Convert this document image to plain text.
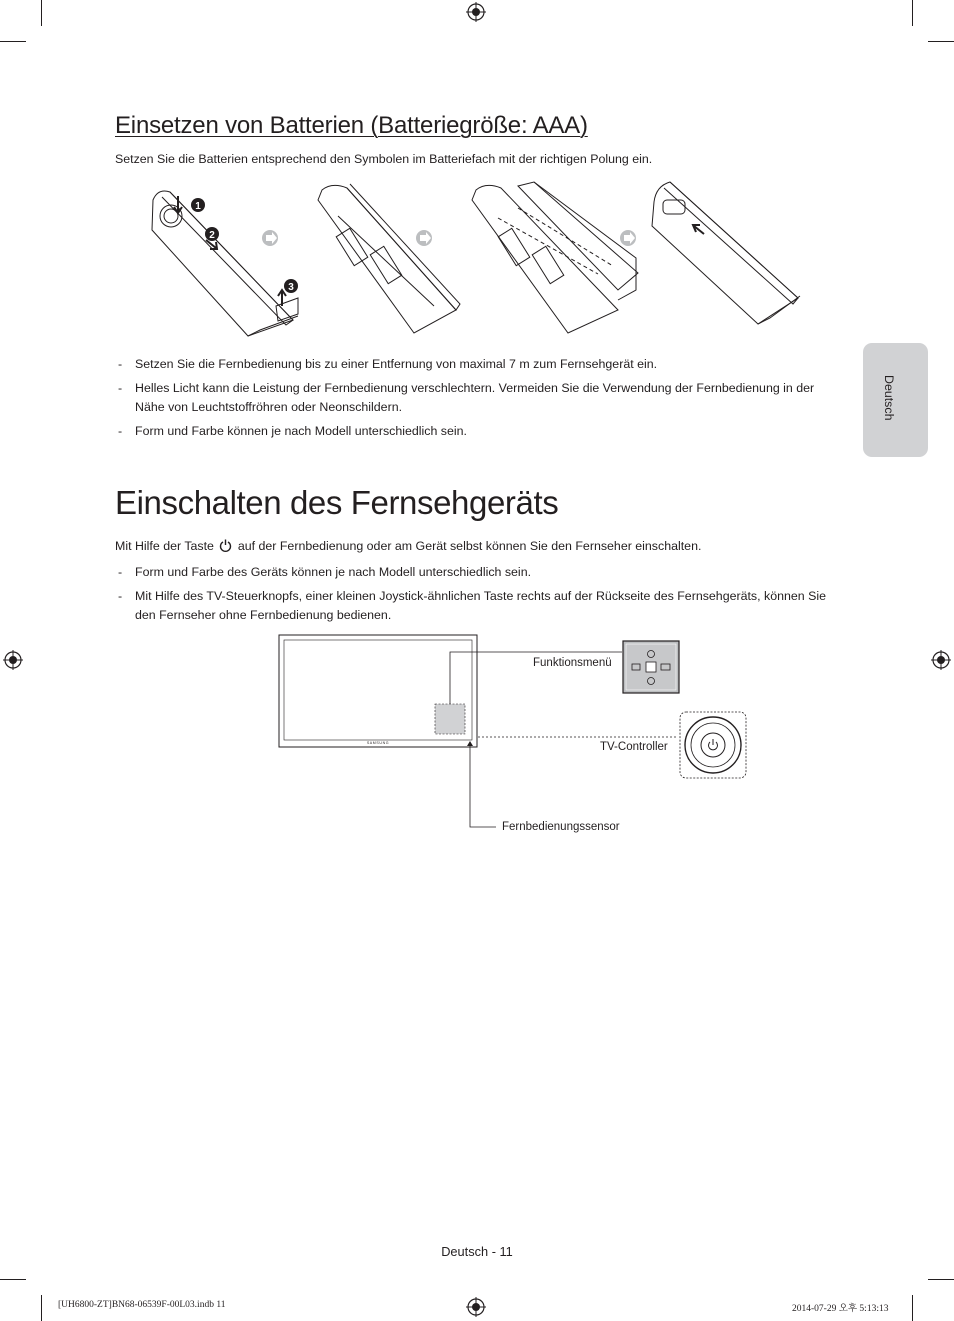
Deutsch
Einsetzen von Batterien (Batteriegröße: AAA)

Setzen Sie die Batterien entsprechend den Symbolen im Batteriefach mit der richtigen Polung ein.

1
2
3
- Setzen Sie die Fernbedienung bis zu einer Entfernung von maximal 7 m zum Fernsehgerät ein.
- Helles Licht kann die Leistung der Fernbedienung verschlechtern. Vermeiden Sie die Verwendung der Fernbedienung in der Nähe von Leuchtstoffröhren oder Neonschildern.
- Form und Farbe können je nach Modell unterschiedlich sein.
Einschalten des Fernsehgeräts

Mit Hilfe der Taste auf der Fernbedienung oder am Gerät selbst können Sie den Fernseher einschalten.

- Form und Farbe des Geräts können je nach Modell unterschiedlich sein.
- Mit Hilfe des TV-Steuerknopfs, einer kleinen Joystick-ähnlichen Taste rechts auf der Rückseite des Fernsehgeräts, können Sie den Fernseher ohne Fernbedienung bedienen.
SAMSUNG
Funktionsmenü
TV-Controller
Fernbedienungssensor
Deutsch - 11
[UH6800-ZT]BN68-06539F-00L03.indb 11	2014-07-29 오후 5:13:13
